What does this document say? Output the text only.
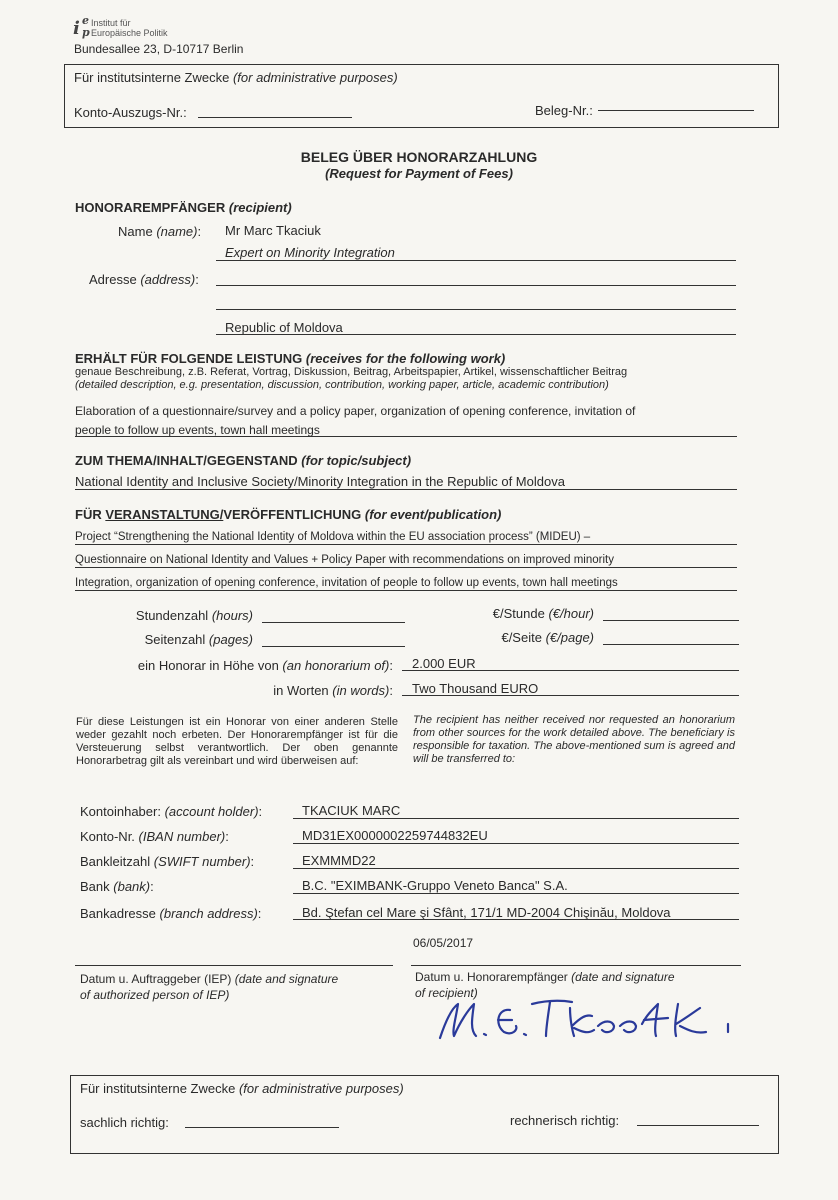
i e
p
Institut für
Europäische Politik
Bundesallee 23, D-10717 Berlin
Für institutsinterne Zwecke (for administrative purposes)
Konto-Auszugs-Nr.:	Beleg-Nr.:
BELEG ÜBER HONORARZAHLUNG
(Request for Payment of Fees)
HONORAREMPFÄNGER (recipient)
Name (name): Mr Marc Tkaciuk
Expert on Minority Integration
Adresse (address):
Republic of Moldova
ERHÄLT FÜR FOLGENDE LEISTUNG (receives for the following work)
genaue Beschreibung, z.B. Referat, Vortrag, Diskussion, Beitrag, Arbeitspapier, Artikel, wissenschaftlicher Beitrag
(detailed description, e.g. presentation, discussion, contribution, working paper, article, academic contribution)
Elaboration of a questionnaire/survey and a policy paper, organization of opening conference, invitation of
people to follow up events, town hall meetings
ZUM THEMA/INHALT/GEGENSTAND (for topic/subject)
National Identity and Inclusive Society/Minority Integration in the Republic of Moldova
FÜR VERANSTALTUNG/VERÖFFENTLICHUNG (for event/publication)
Project “Strengthening the National Identity of Moldova within the EU association process” (MIDEU) –
Questionnaire on National Identity and Values + Policy Paper with recommendations on improved minority
Integration, organization of opening conference, invitation of people to follow up events, town hall meetings
Stundenzahl (hours)	€/Stunde (€/hour)
Seitenzahl (pages)	€/Seite (€/page)
ein Honorar in Höhe von (an honorarium of): 2.000 EUR
in Worten (in words): Two Thousand EURO
Für diese Leistungen ist ein Honorar von einer anderen Stelle weder gezahlt noch erbeten. Der Honorarempfänger ist für die Versteuerung selbst verantwortlich. Der oben genannte Honorarbetrag gilt als vereinbart und wird überweisen auf:
The recipient has neither received nor requested an honorarium from other sources for the work detailed above. The beneficiary is responsible for taxation. The above-mentioned sum is agreed and will be transferred to:
Kontoinhaber: (account holder):	TKACIUK MARC
Konto-Nr. (IBAN number):	MD31EX0000002259744832EU
Bankleitzahl (SWIFT number):	EXMMMD22
Bank (bank):	B.C. "EXIMBANK-Gruppo Veneto Banca" S.A.
Bankadresse (branch address):	Bd. Ştefan cel Mare şi Sfânt, 171/1 MD-2004 Chişinău, Moldova
06/05/2017
Datum u. Auftraggeber (IEP) (date and signature
of authorized person of IEP)
Datum u. Honorarempfänger (date and signature
of recipient)
Für institutsinterne Zwecke (for administrative purposes)
sachlich richtig:	rechnerisch richtig:
